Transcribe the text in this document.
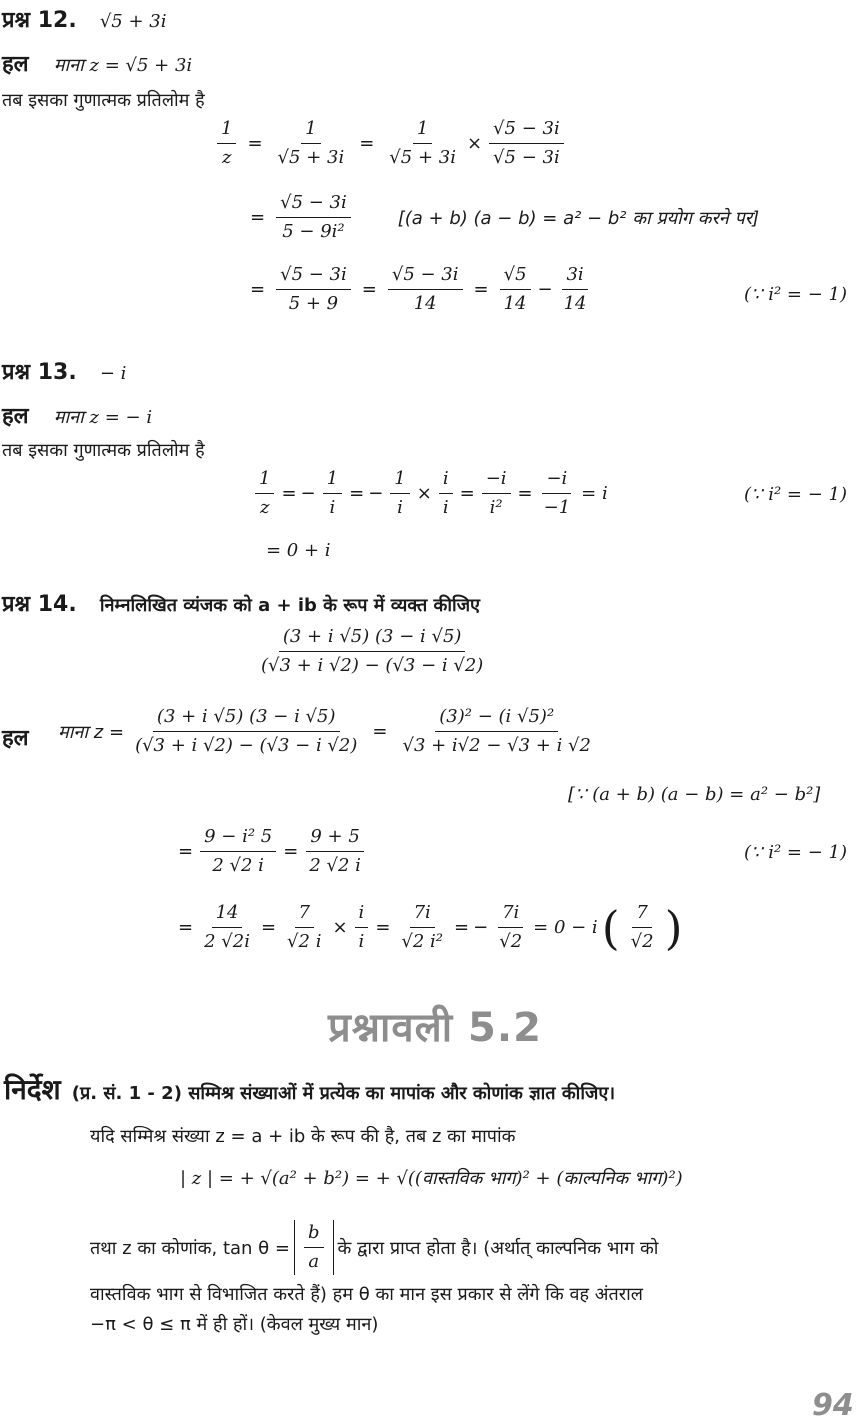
प्रश्न 12. √5 + 3i
हल माना z = √5 + 3i
तब इसका गुणात्मक प्रतिलोम है
$\frac{1}{z} = \frac{1}{√5 + 3i} = \frac{1}{√5 + 3i} \times \frac{√5 - 3i}{√5 - 3i}$
= $\frac{√5 - 3i}{\text{5 − 9i²}}$	[(a + b) (a − b) = a² − b² का प्रयोग करने पर]
= $\frac{√5 - 3i}{5 + 9} = \frac{√5 - 3i}{14} = \frac{√5}{14} - \frac{3i}{14}$	(∵ i² = − 1)
प्रश्न 13. − i
हल माना z = − i
तब इसका गुणात्मक प्रतिलोम है
$\frac{1}{z}$ = − $\frac{1}{i}$ = − $\frac{1}{i} \times \frac{i}{i} = \frac{-i}{\text{i²}} = \frac{-i}{-1} = i$	(∵ i² = − 1)
= 0 + i
प्रश्न 14. निम्नलिखित व्यंजक को a + ib के रूप में व्यक्त कीजिए
$\frac{(3 + i √5) (3 - i √5)}{(√3 + i √2) - (√3 - i √2)}$
हल माना $z = \frac{(3 + i √5) (3 - i √5)}{(√3 + i √2) - (√3 - i √2)} = \frac{\text{(3)² − (i √5)²}}{√3 + i√2 - √3 + i √2}$
[∵ (a + b) (a − b) = a² − b²]
= $\frac{\text{9 − i² 5}}{2 √2 i} = \frac{9 + 5}{2 √2 i}$	(∵ i² = − 1)
= $\frac{14}{2 √2i} = \frac{7}{√2 i} \times \frac{i}{i} = \frac{7i}{\text{√2 i²}}$ = − $\frac{7i}{√2} = 0 - i$ ( $\frac{7}{√2}$ )
प्रश्नावली 5.2
निर्देश (प्र. सं. 1 - 2) सम्मिश्र संख्याओं में प्रत्येक का मापांक और कोणांक ज्ञात कीजिए।
यदि सम्मिश्र संख्या z = a + ib के रूप की है, तब z का मापांक
| z | = + √(a² + b²) = + √((वास्तविक भाग)² + (काल्पनिक भाग)²)
तथा z का कोणांक, $\tan \theta = \frac{b}{a}$ के द्वारा प्राप्त होता है। (अर्थात् काल्पनिक भाग को
वास्तविक भाग से विभाजित करते हैं) हम θ का मान इस प्रकार से लेंगे कि वह अंतराल
−π < θ ≤ π में ही हों। (केवल मुख्य मान)
94
